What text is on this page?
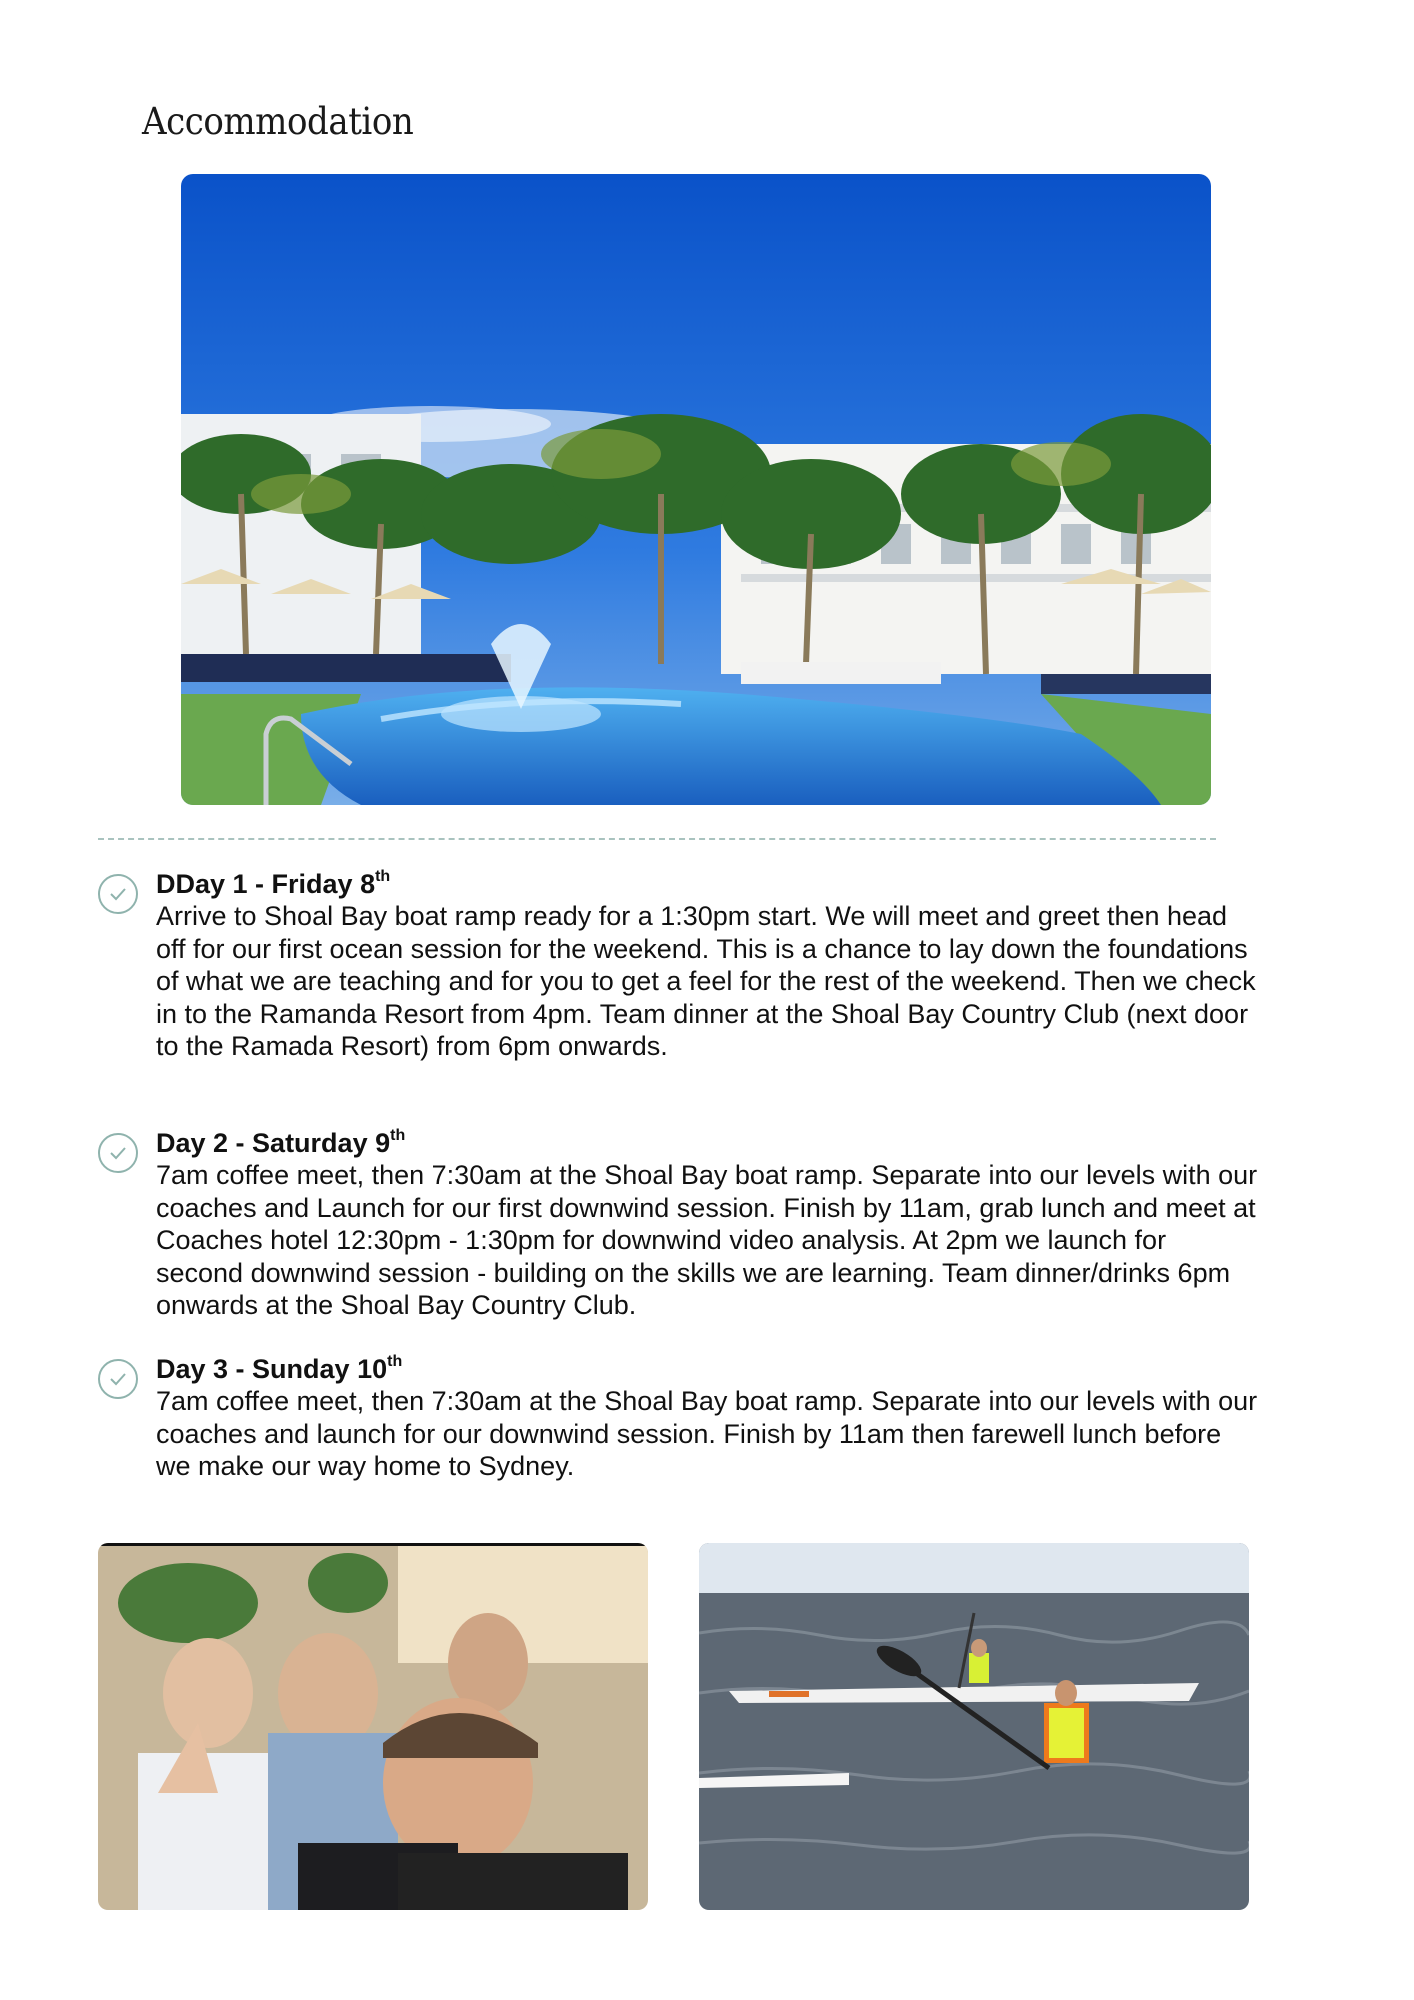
Accommodation
DDay 1 - Friday 8th
Arrive to Shoal Bay boat ramp ready for a 1:30pm start. We will meet and greet then head off for our first ocean session for the weekend. This is a chance to lay down the foundations of what we are teaching and for you to get a feel for the rest of the weekend. Then we check in to the Ramanda Resort from 4pm. Team dinner at the Shoal Bay Country Club (next door to the Ramada Resort) from 6pm onwards.
Day 2 - Saturday 9th
7am coffee meet, then 7:30am at the Shoal Bay boat ramp. Separate into our levels with our coaches and Launch for our first downwind session. Finish by 11am, grab lunch and meet at Coaches hotel 12:30pm - 1:30pm for downwind video analysis. At 2pm we launch for second downwind session - building on the skills we are learning. Team dinner/drinks 6pm onwards at the Shoal Bay Country Club.
Day 3 - Sunday 10th
7am coffee meet, then 7:30am at the Shoal Bay boat ramp. Separate into our levels with our coaches and launch for our downwind session. Finish by 11am then farewell lunch before we make our way home to Sydney.
